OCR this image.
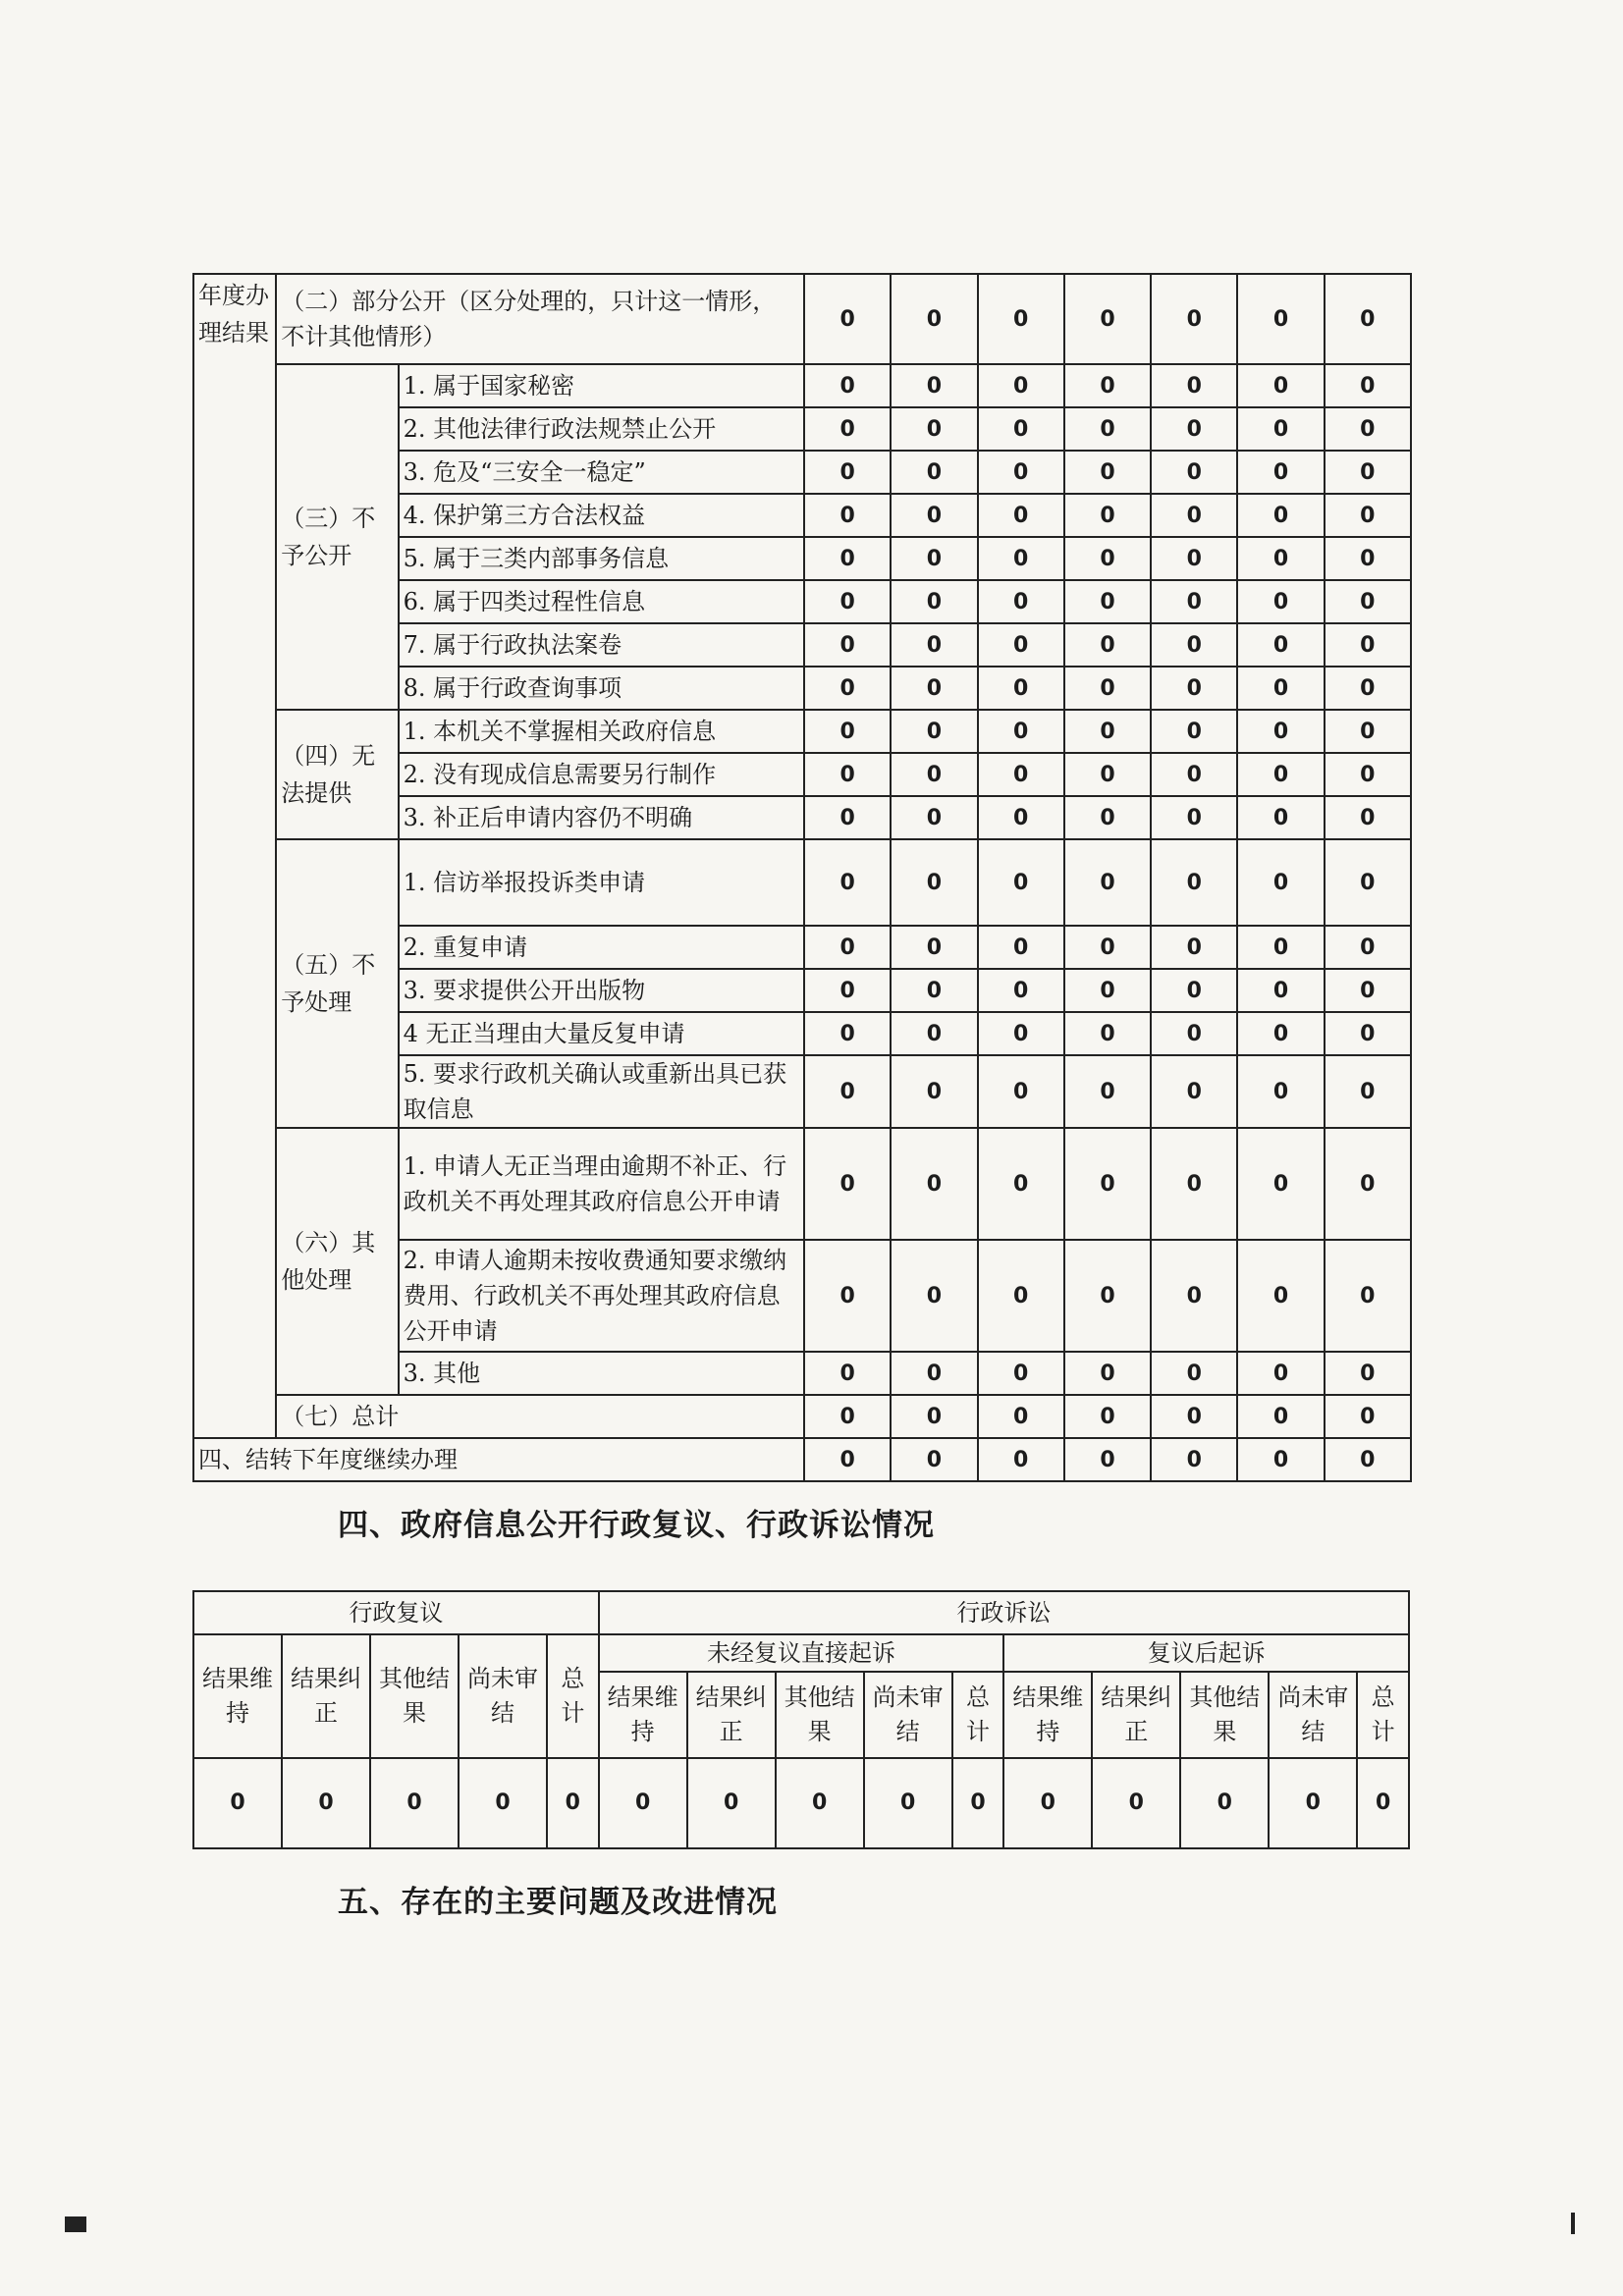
年度办理结果	（二）部分公开（区分处理的，只计这一情形，不计其他情形）		0	0	0	0	0	0	0
	（三）不予公开	1. 属于国家秘密	0	0	0	0	0	0	0
		2. 其他法律行政法规禁止公开	0	0	0	0	0	0	0
		3. 危及“三安全一稳定”	0	0	0	0	0	0	0
		4. 保护第三方合法权益	0	0	0	0	0	0	0
		5. 属于三类内部事务信息	0	0	0	0	0	0	0
		6. 属于四类过程性信息	0	0	0	0	0	0	0
		7. 属于行政执法案卷	0	0	0	0	0	0	0
		8. 属于行政查询事项	0	0	0	0	0	0	0
	（四）无法提供	1. 本机关不掌握相关政府信息	0	0	0	0	0	0	0
		2. 没有现成信息需要另行制作	0	0	0	0	0	0	0
		3. 补正后申请内容仍不明确	0	0	0	0	0	0	0
	（五）不予处理	1. 信访举报投诉类申请	0	0	0	0	0	0	0
		2. 重复申请	0	0	0	0	0	0	0
		3. 要求提供公开出版物	0	0	0	0	0	0	0
		4 无正当理由大量反复申请	0	0	0	0	0	0	0
		5. 要求行政机关确认或重新出具已获取信息	0	0	0	0	0	0	0
	（六）其他处理	1. 申请人无正当理由逾期不补正、行政机关不再处理其政府信息公开申请	0	0	0	0	0	0	0
		2. 申请人逾期未按收费通知要求缴纳费用、行政机关不再处理其政府信息公开申请	0	0	0	0	0	0	0
		3. 其他	0	0	0	0	0	0	0
	（七）总计		0	0	0	0	0	0	0
四、结转下年度继续办理			0	0	0	0	0	0	0
四、政府信息公开行政复议、行政诉讼情况
行政复议					行政诉讼									
结果维持	结果纠正	其他结果	尚未审结	总计	未经复议直接起诉					复议后起诉				
					结果维持	结果纠正	其他结果	尚未审结	总计	结果维持	结果纠正	其他结果	尚未审结	总计
0	0	0	0	0	0	0	0	0	0	0	0	0	0	0
五、存在的主要问题及改进情况
